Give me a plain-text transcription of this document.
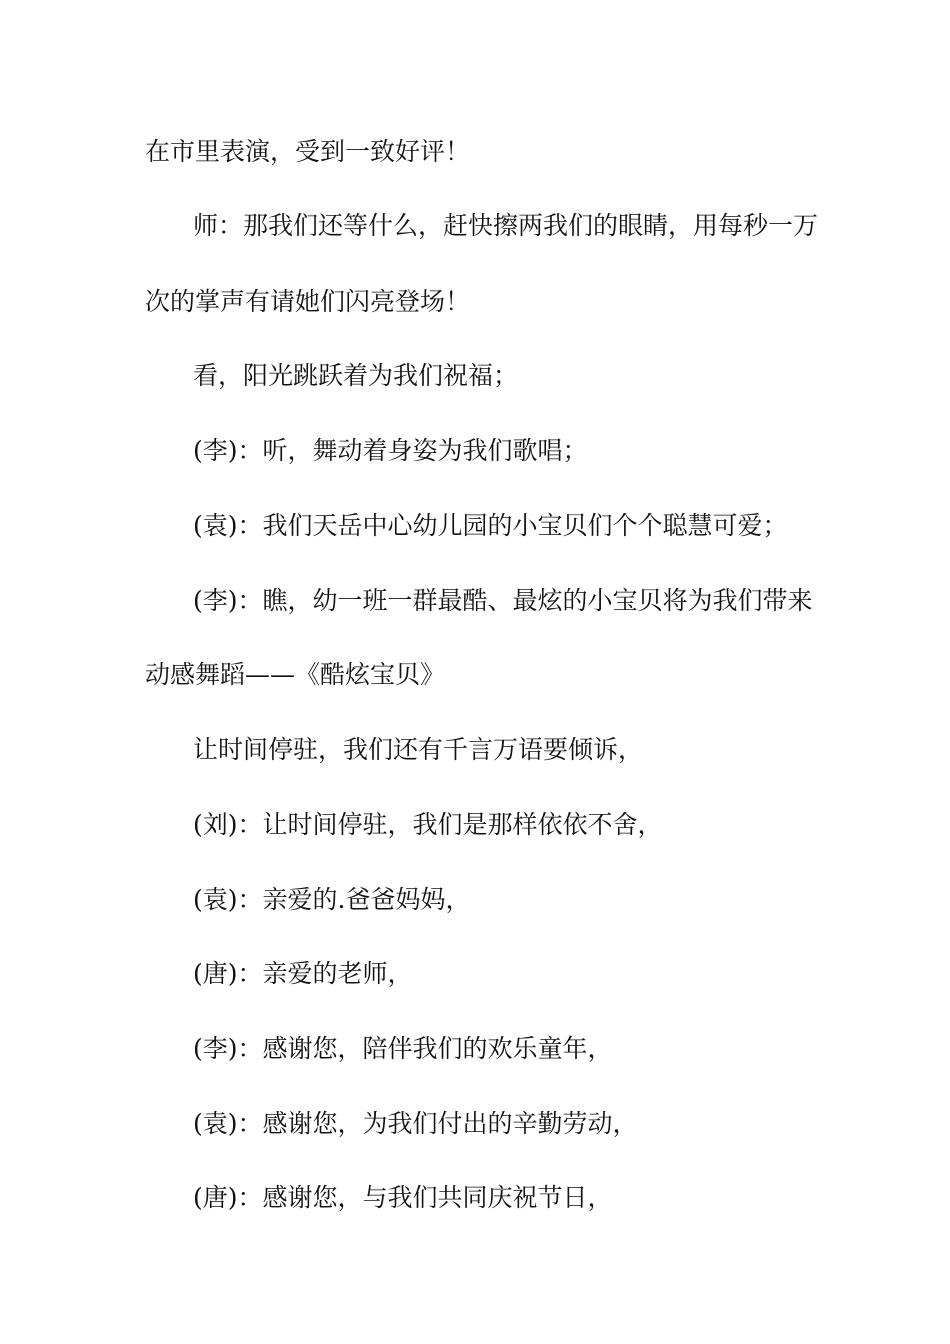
在市里表演，受到一致好评！
师：那我们还等什么，赶快擦两我们的眼睛，用每秒一万
次的掌声有请她们闪亮登场！
看，阳光跳跃着为我们祝福；
(李)：听，舞动着身姿为我们歌唱；
(袁)：我们天岳中心幼儿园的小宝贝们个个聪慧可爱；
(李)：瞧，幼一班一群最酷、最炫的小宝贝将为我们带来
动感舞蹈——《酷炫宝贝》
让时间停驻，我们还有千言万语要倾诉，
(刘)：让时间停驻，我们是那样依依不舍，
(袁)：亲爱的.爸爸妈妈，
(唐)：亲爱的老师，
(李)：感谢您，陪伴我们的欢乐童年，
(袁)：感谢您，为我们付出的辛勤劳动，
(唐)：感谢您，与我们共同庆祝节日，
